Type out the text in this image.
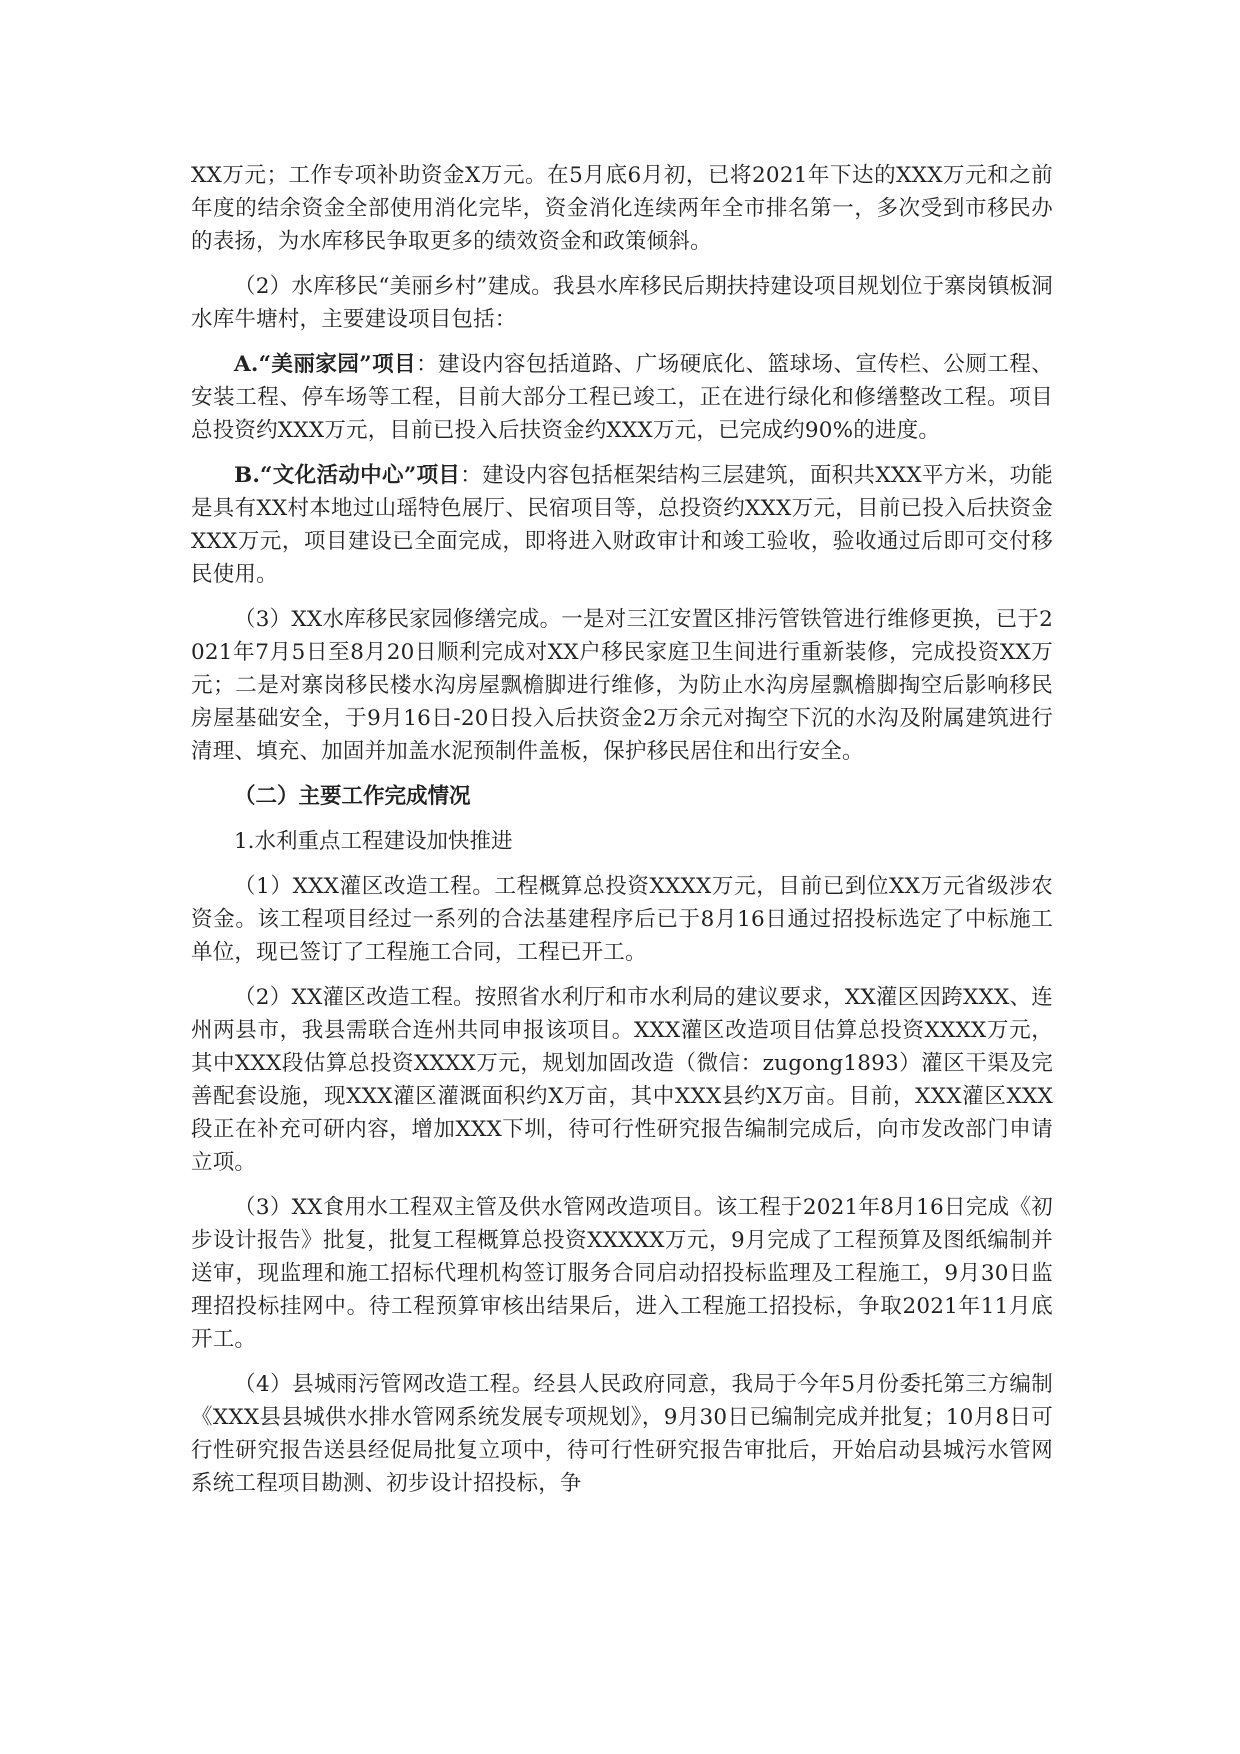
XX万元；工作专项补助资金X万元。在5月底6月初，已将2021年下达的XXX万元和之前年度的结余资金全部使用消化完毕，资金消化连续两年全市排名第一，多次受到市移民办的表扬，为水库移民争取更多的绩效资金和政策倾斜。

（2）水库移民“美丽乡村”建成。我县水库移民后期扶持建设项目规划位于寨岗镇板洞水库牛塘村，主要建设项目包括：

A.“美丽家园”项目：建设内容包括道路、广场硬底化、篮球场、宣传栏、公厕工程、安装工程、停车场等工程，目前大部分工程已竣工，正在进行绿化和修缮整改工程。项目总投资约XXX万元，目前已投入后扶资金约XXX万元，已完成约90%的进度。

B.“文化活动中心”项目：建设内容包括框架结构三层建筑，面积共XXX平方米，功能是具有XX村本地过山瑶特色展厅、民宿项目等，总投资约XXX万元，目前已投入后扶资金XXX万元，项目建设已全面完成，即将进入财政审计和竣工验收，验收通过后即可交付移民使用。

（3）XX水库移民家园修缮完成。一是对三江安置区排污管铁管进行维修更换，已于2021年7月5日至8月20日顺利完成对XX户移民家庭卫生间进行重新装修，完成投资XX万元；二是对寨岗移民楼水沟房屋飘檐脚进行维修，为防止水沟房屋飘檐脚掏空后影响移民房屋基础安全，于9月16日-20日投入后扶资金2万余元对掏空下沉的水沟及附属建筑进行清理、填充、加固并加盖水泥预制件盖板，保护移民居住和出行安全。

（二）主要工作完成情况

1.水利重点工程建设加快推进

（1）XXX灌区改造工程。工程概算总投资XXXX万元，目前已到位XX万元省级涉农资金。该工程项目经过一系列的合法基建程序后已于8月16日通过招投标选定了中标施工单位，现已签订了工程施工合同，工程已开工。

（2）XX灌区改造工程。按照省水利厅和市水利局的建议要求，XX灌区因跨XXX、连州两县市，我县需联合连州共同申报该项目。XXX灌区改造项目估算总投资XXXX万元，其中XXX段估算总投资XXXX万元，规划加固改造（微信：zugong1893）灌区干渠及完善配套设施，现XXX灌区灌溉面积约X万亩，其中XXX县约X万亩。目前，XXX灌区XXX段正在补充可研内容，增加XXX下圳，待可行性研究报告编制完成后，向市发改部门申请立项。

（3）XX食用水工程双主管及供水管网改造项目。该工程于2021年8月16日完成《初步设计报告》批复，批复工程概算总投资XXXXX万元，9月完成了工程预算及图纸编制并送审，现监理和施工招标代理机构签订服务合同启动招投标监理及工程施工，9月30日监理招投标挂网中。待工程预算审核出结果后，进入工程施工招投标，争取2021年11月底开工。

（4）县城雨污管网改造工程。经县人民政府同意，我局于今年5月份委托第三方编制《XXX县县城供水排水管网系统发展专项规划》，9月30日已编制完成并批复；10月8日可行性研究报告送县经促局批复立项中，待可行性研究报告审批后，开始启动县城污水管网系统工程项目勘测、初步设计招投标，争
